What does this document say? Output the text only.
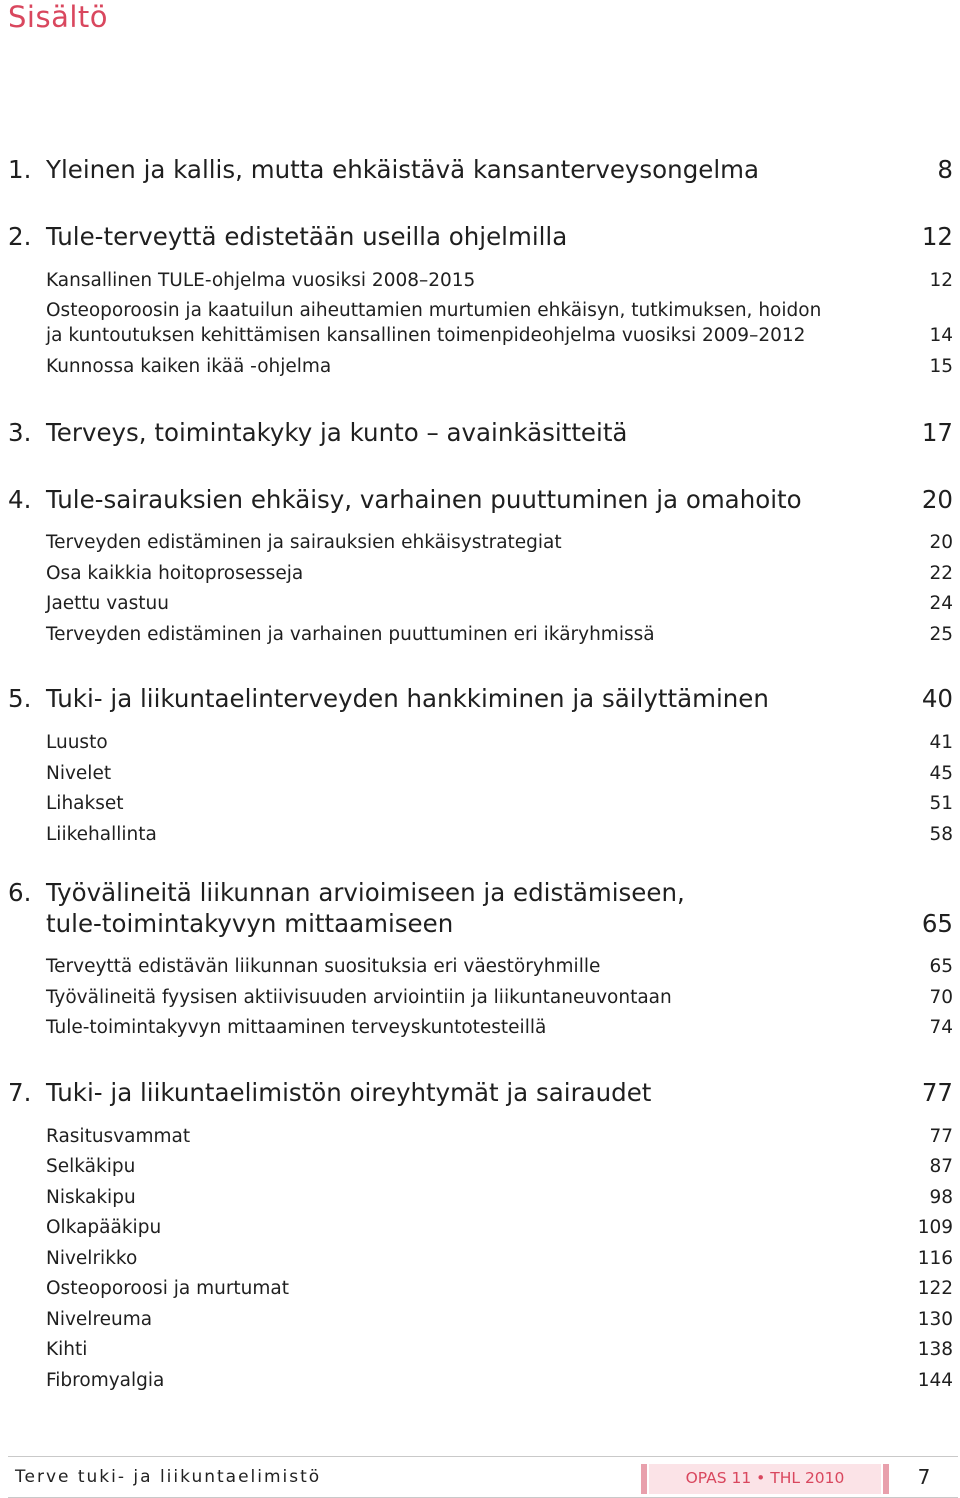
Sisältö
1. Yleinen ja kallis, mutta ehkäistävä kansanterveysongelma	8
2. Tule-terveyttä edistetään useilla ohjelmilla	12
Kansallinen TULE-ohjelma vuosiksi 2008–2015	12
Osteoporoosin ja kaatuilun aiheuttamien murtumien ehkäisyn, tutkimuksen, hoidon
ja kuntoutuksen kehittämisen kansallinen toimenpideohjelma vuosiksi 2009–2012	14
Kunnossa kaiken ikää -ohjelma	15
3. Terveys, toimintakyky ja kunto – avainkäsitteitä	17
4. Tule-sairauksien ehkäisy, varhainen puuttuminen ja omahoito	20
Terveyden edistäminen ja sairauksien ehkäisystrategiat	20
Osa kaikkia hoitoprosesseja	22
Jaettu vastuu	24
Terveyden edistäminen ja varhainen puuttuminen eri ikäryhmissä	25
5. Tuki- ja liikuntaelinterveyden hankkiminen ja säilyttäminen	40
Luusto	41
Nivelet	45
Lihakset	51
Liikehallinta	58
6. Työvälineitä liikunnan arvioimiseen ja edistämiseen,
tule-toimintakyvyn mittaamiseen	65
Terveyttä edistävän liikunnan suosituksia eri väestöryhmille	65
Työvälineitä fyysisen aktiivisuuden arviointiin ja liikuntaneuvontaan	70
Tule-toimintakyvyn mittaaminen terveyskuntotesteillä	74
7. Tuki- ja liikuntaelimistön oireyhtymät ja sairaudet	77
Rasitusvammat	77
Selkäkipu	87
Niskakipu	98
Olkapääkipu	109
Nivelrikko	116
Osteoporoosi ja murtumat	122
Nivelreuma	130
Kihti	138
Fibromyalgia	144
Terve tuki- ja liikuntaelimistö	OPAS 11 • THL 2010	7
